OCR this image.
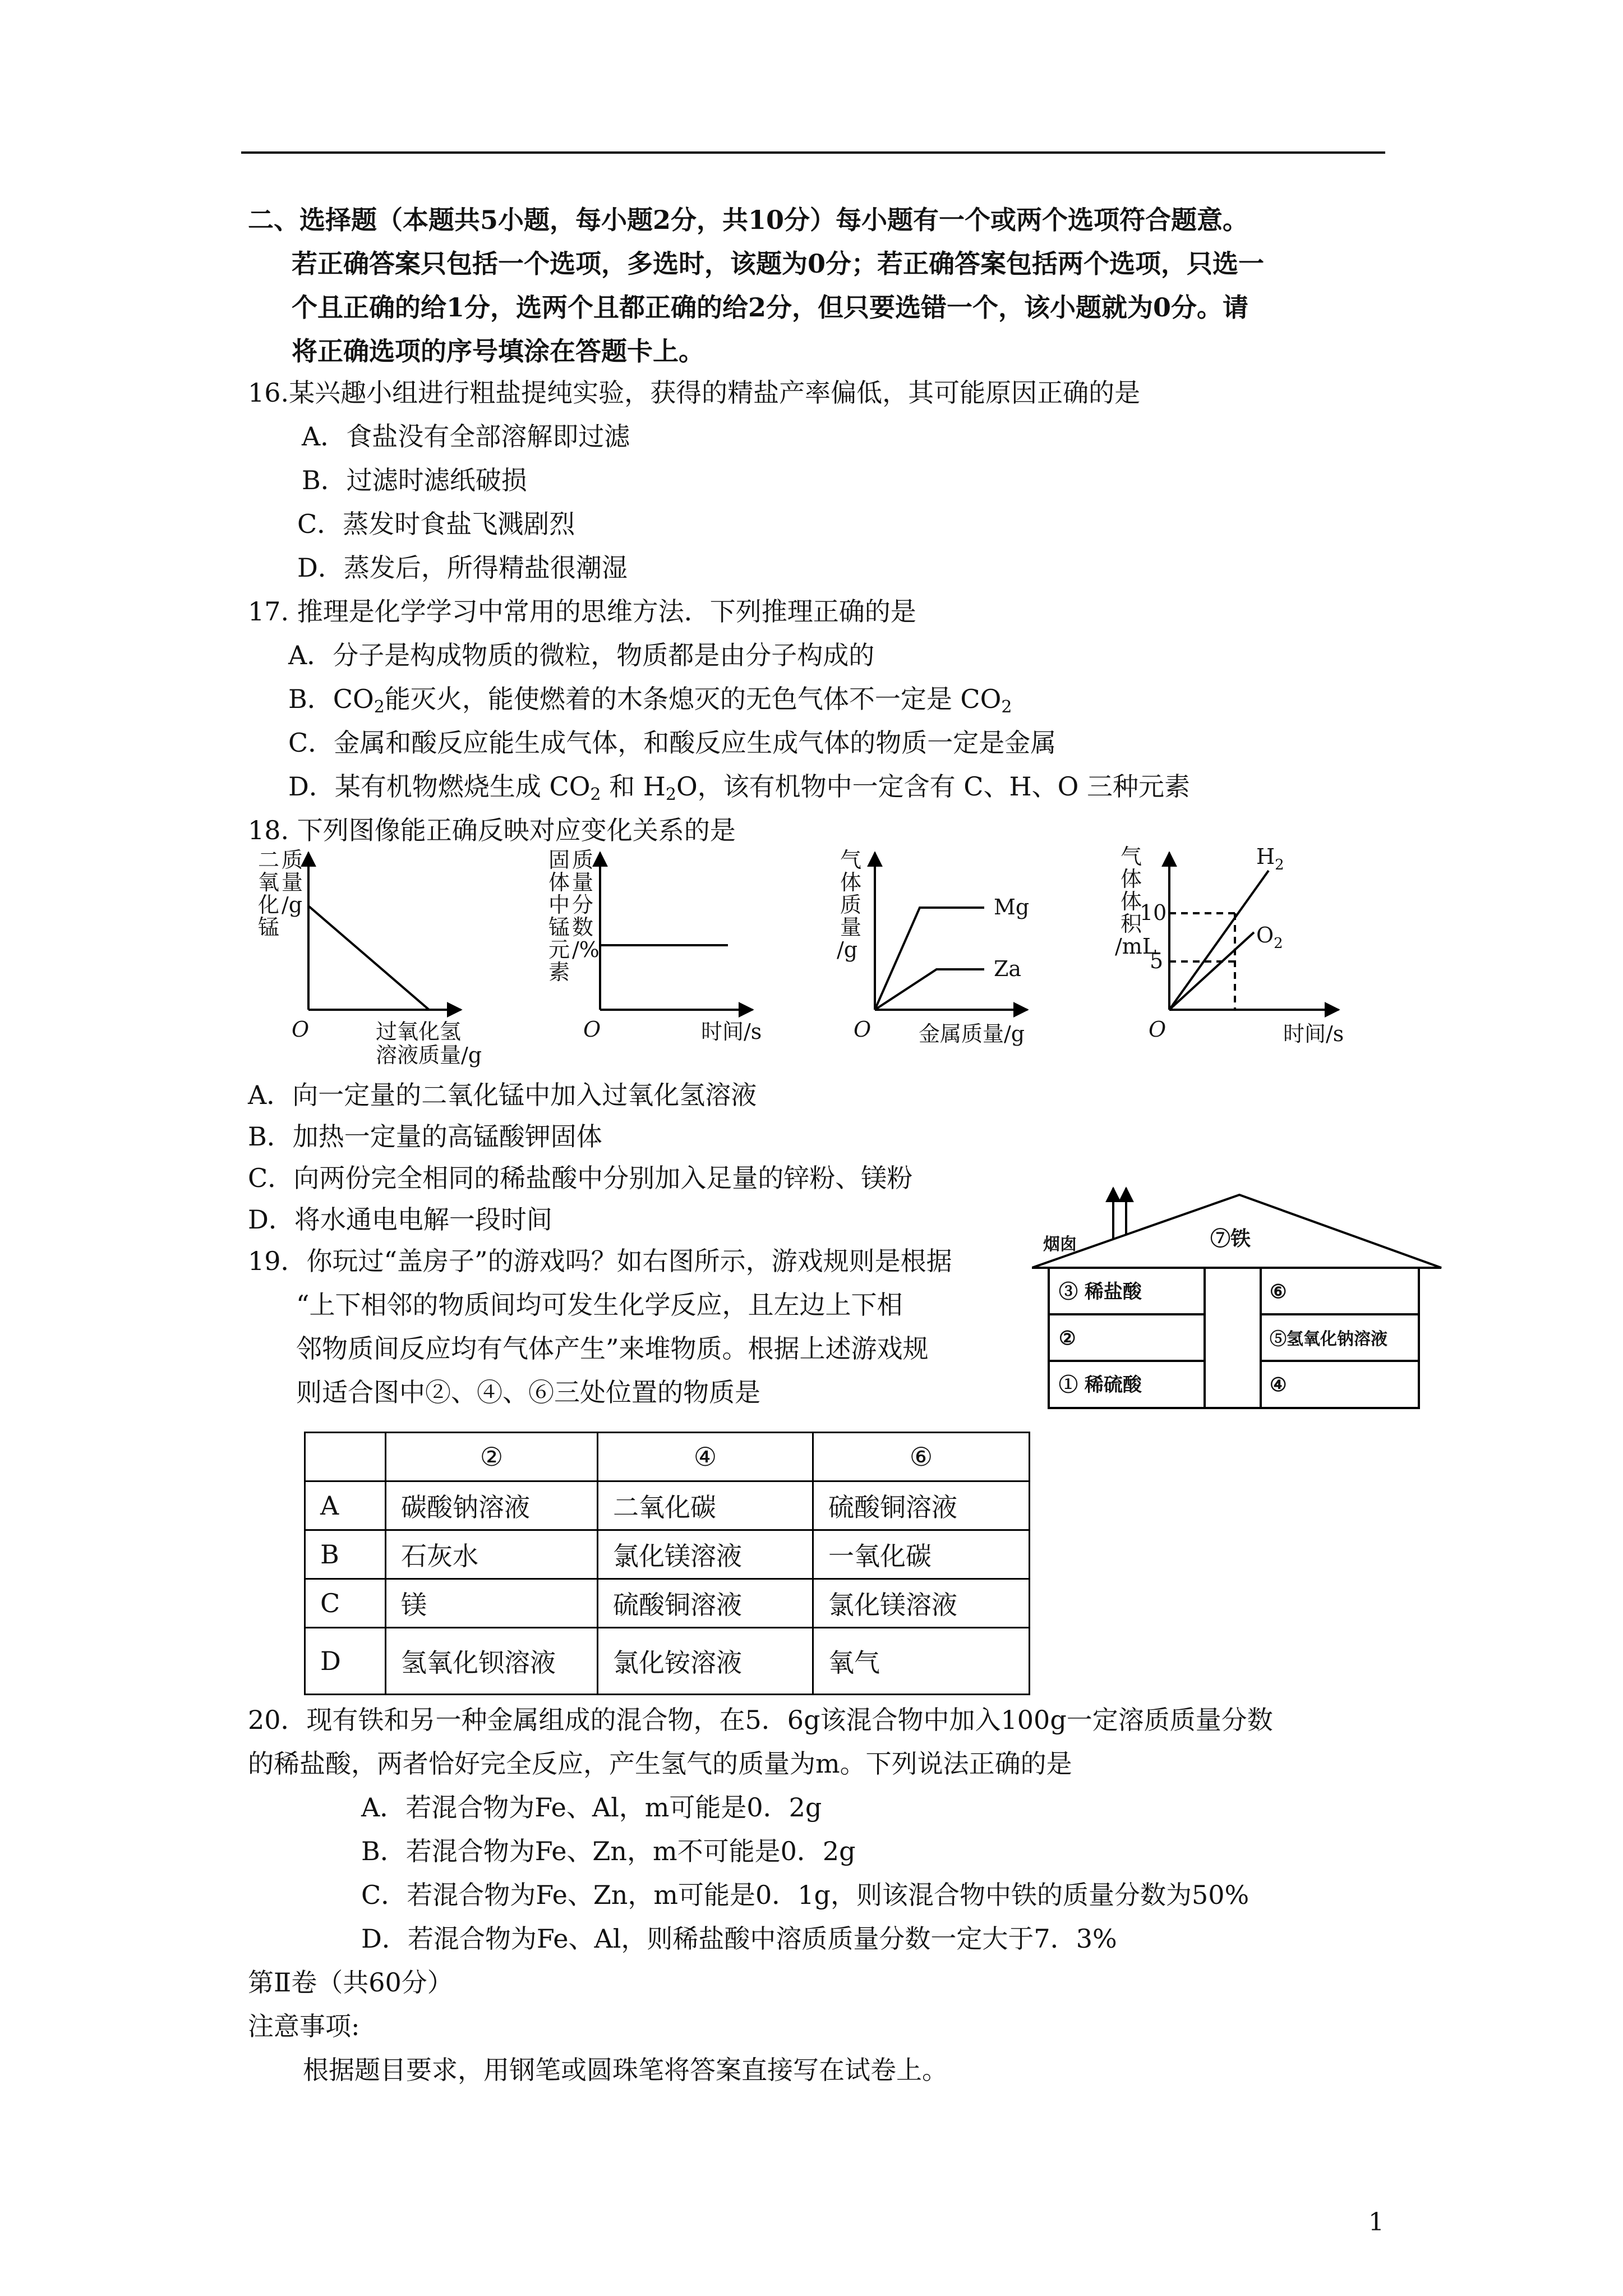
二、选择题（本题共5小题，每小题2分，共10分）每小题有一个或两个选项符合题意。
若正确答案只包括一个选项，多选时，该题为0分；若正确答案包括两个选项，只选一
个且正确的给1分，选两个且都正确的给2分，但只要选错一个，该小题就为0分。请
将正确选项的序号填涂在答题卡上。
16.某兴趣小组进行粗盐提纯实验，获得的精盐产率偏低，其可能原因正确的是
A．食盐没有全部溶解即过滤
B．过滤时滤纸破损
C．蒸发时食盐飞溅剧烈
D．蒸发后，所得精盐很潮湿
17. 推理是化学学习中常用的思维方法．下列推理正确的是
A．分子是构成物质的微粒，物质都是由分子构成的
B．$CO_2$能灭火，能使燃着的木条熄灭的无色气体不一定是 $CO_2$
C．金属和酸反应能生成气体，和酸反应生成气体的物质一定是金属
D．某有机物燃烧生成 $CO_2$ 和 $H_2O$，该有机物中一定含有 C、H、O 三种元素
18. 下列图像能正确反映对应变化关系的是
二氧化锰
质量/g
O	过氧化氢
溶液质量/g
固体中锰元素
质量分数/%
O	时间/s
气体质量/g
O 金属质量/g
Mg
Za
气体体积/mL
10
5
O	时间/s
$H_2$
$O_2$
A．向一定量的二氧化锰中加入过氧化氢溶液
B．加热一定量的高锰酸钾固体
C．向两份完全相同的稀盐酸中分别加入足量的锌粉、镁粉
D．将水通电电解一段时间
19．你玩过“盖房子”的游戏吗？如右图所示，游戏规则是根据
“上下相邻的物质间均可发生化学反应，且左边上下相
邻物质间反应均有气体产生”来堆物质。根据上述游戏规
则适合图中②、④、⑥三处位置的物质是
烟囱	⑦铁
③ 稀盐酸
②
① 稀硫酸
⑥
⑤氢氧化钠溶液
④
	②	④	⑥
A	碳酸钠溶液	二氧化碳	硫酸铜溶液
B	石灰水	氯化镁溶液	一氧化碳
C	镁	硫酸铜溶液	氯化镁溶液
D	氢氧化钡溶液	氯化铵溶液	氧气
20．现有铁和另一种金属组成的混合物，在5．6g该混合物中加入100g一定溶质质量分数
的稀盐酸，两者恰好完全反应，产生氢气的质量为m。下列说法正确的是
A．若混合物为Fe、Al，m可能是0．2g
B．若混合物为Fe、Zn，m不可能是0．2g
C．若混合物为Fe、Zn，m可能是0．1g，则该混合物中铁的质量分数为50%
D．若混合物为Fe、Al，则稀盐酸中溶质质量分数一定大于7．3%
第Ⅱ卷（共60分）
注意事项:
根据题目要求，用钢笔或圆珠笔将答案直接写在试卷上。
1
